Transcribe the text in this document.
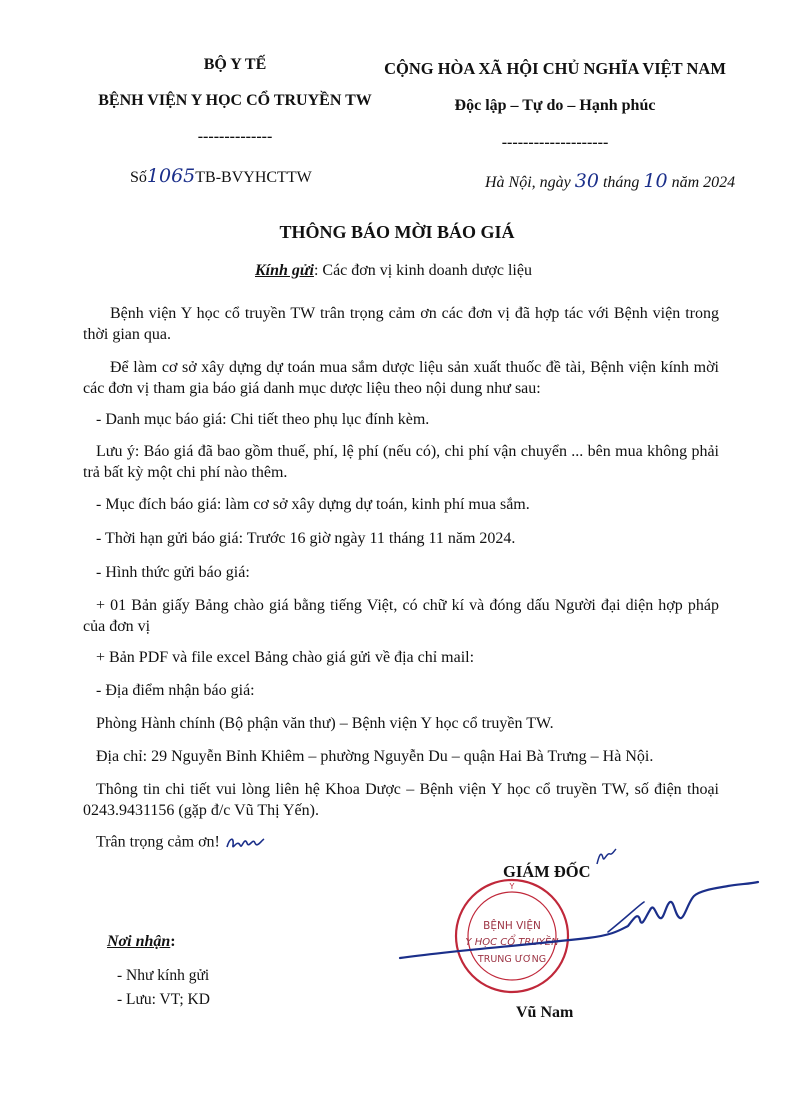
BỘ Y TẾ
BỆNH VIỆN Y HỌC CỔ TRUYỀN TW
--------------
Số1065TB-BVYHCTTW
CỘNG HÒA XÃ HỘI CHỦ NGHĨA VIỆT NAM
Độc lập – Tự do – Hạnh phúc
--------------------
Hà Nội, ngày 30 tháng 10 năm 2024
THÔNG BÁO MỜI BÁO GIÁ
Kính gửi: Các đơn vị kinh doanh dược liệu
Bệnh viện Y học cổ truyền TW trân trọng cảm ơn các đơn vị đã hợp tác với Bệnh viện trong thời gian qua.
Để làm cơ sở xây dựng dự toán mua sắm dược liệu sản xuất thuốc đề tài, Bệnh viện kính mời các đơn vị tham gia báo giá danh mục dược liệu theo nội dung như sau:
- Danh mục báo giá: Chi tiết theo phụ lục đính kèm.
Lưu ý: Báo giá đã bao gồm thuế, phí, lệ phí (nếu có), chi phí vận chuyển ... bên mua không phải trả bất kỳ một chi phí nào thêm.
- Mục đích báo giá: làm cơ sở xây dựng dự toán, kinh phí mua sắm.
- Thời hạn gửi báo giá: Trước 16 giờ ngày 11 tháng 11 năm 2024.
- Hình thức gửi báo giá:
+ 01 Bản giấy Bảng chào giá bằng tiếng Việt, có chữ kí và đóng dấu Người đại diện hợp pháp của đơn vị
+ Bản PDF và file excel Bảng chào giá gửi về địa chỉ mail:
- Địa điểm nhận báo giá:
Phòng Hành chính (Bộ phận văn thư) – Bệnh viện Y học cổ truyền TW.
Địa chỉ: 29 Nguyễn Bỉnh Khiêm – phường Nguyễn Du – quận Hai Bà Trưng – Hà Nội.
Thông tin chi tiết vui lòng liên hệ Khoa Dược – Bệnh viện Y học cổ truyền TW, số điện thoại 0243.9431156 (gặp đ/c Vũ Thị Yến).
Trân trọng cảm ơn!
Nơi nhận:
- Như kính gửi
- Lưu: VT; KD
GIÁM ĐỐC
Y
BỆNH VIỆN
Y HỌC CỔ TRUYỀN
TRUNG ƯƠNG
Vũ Nam
